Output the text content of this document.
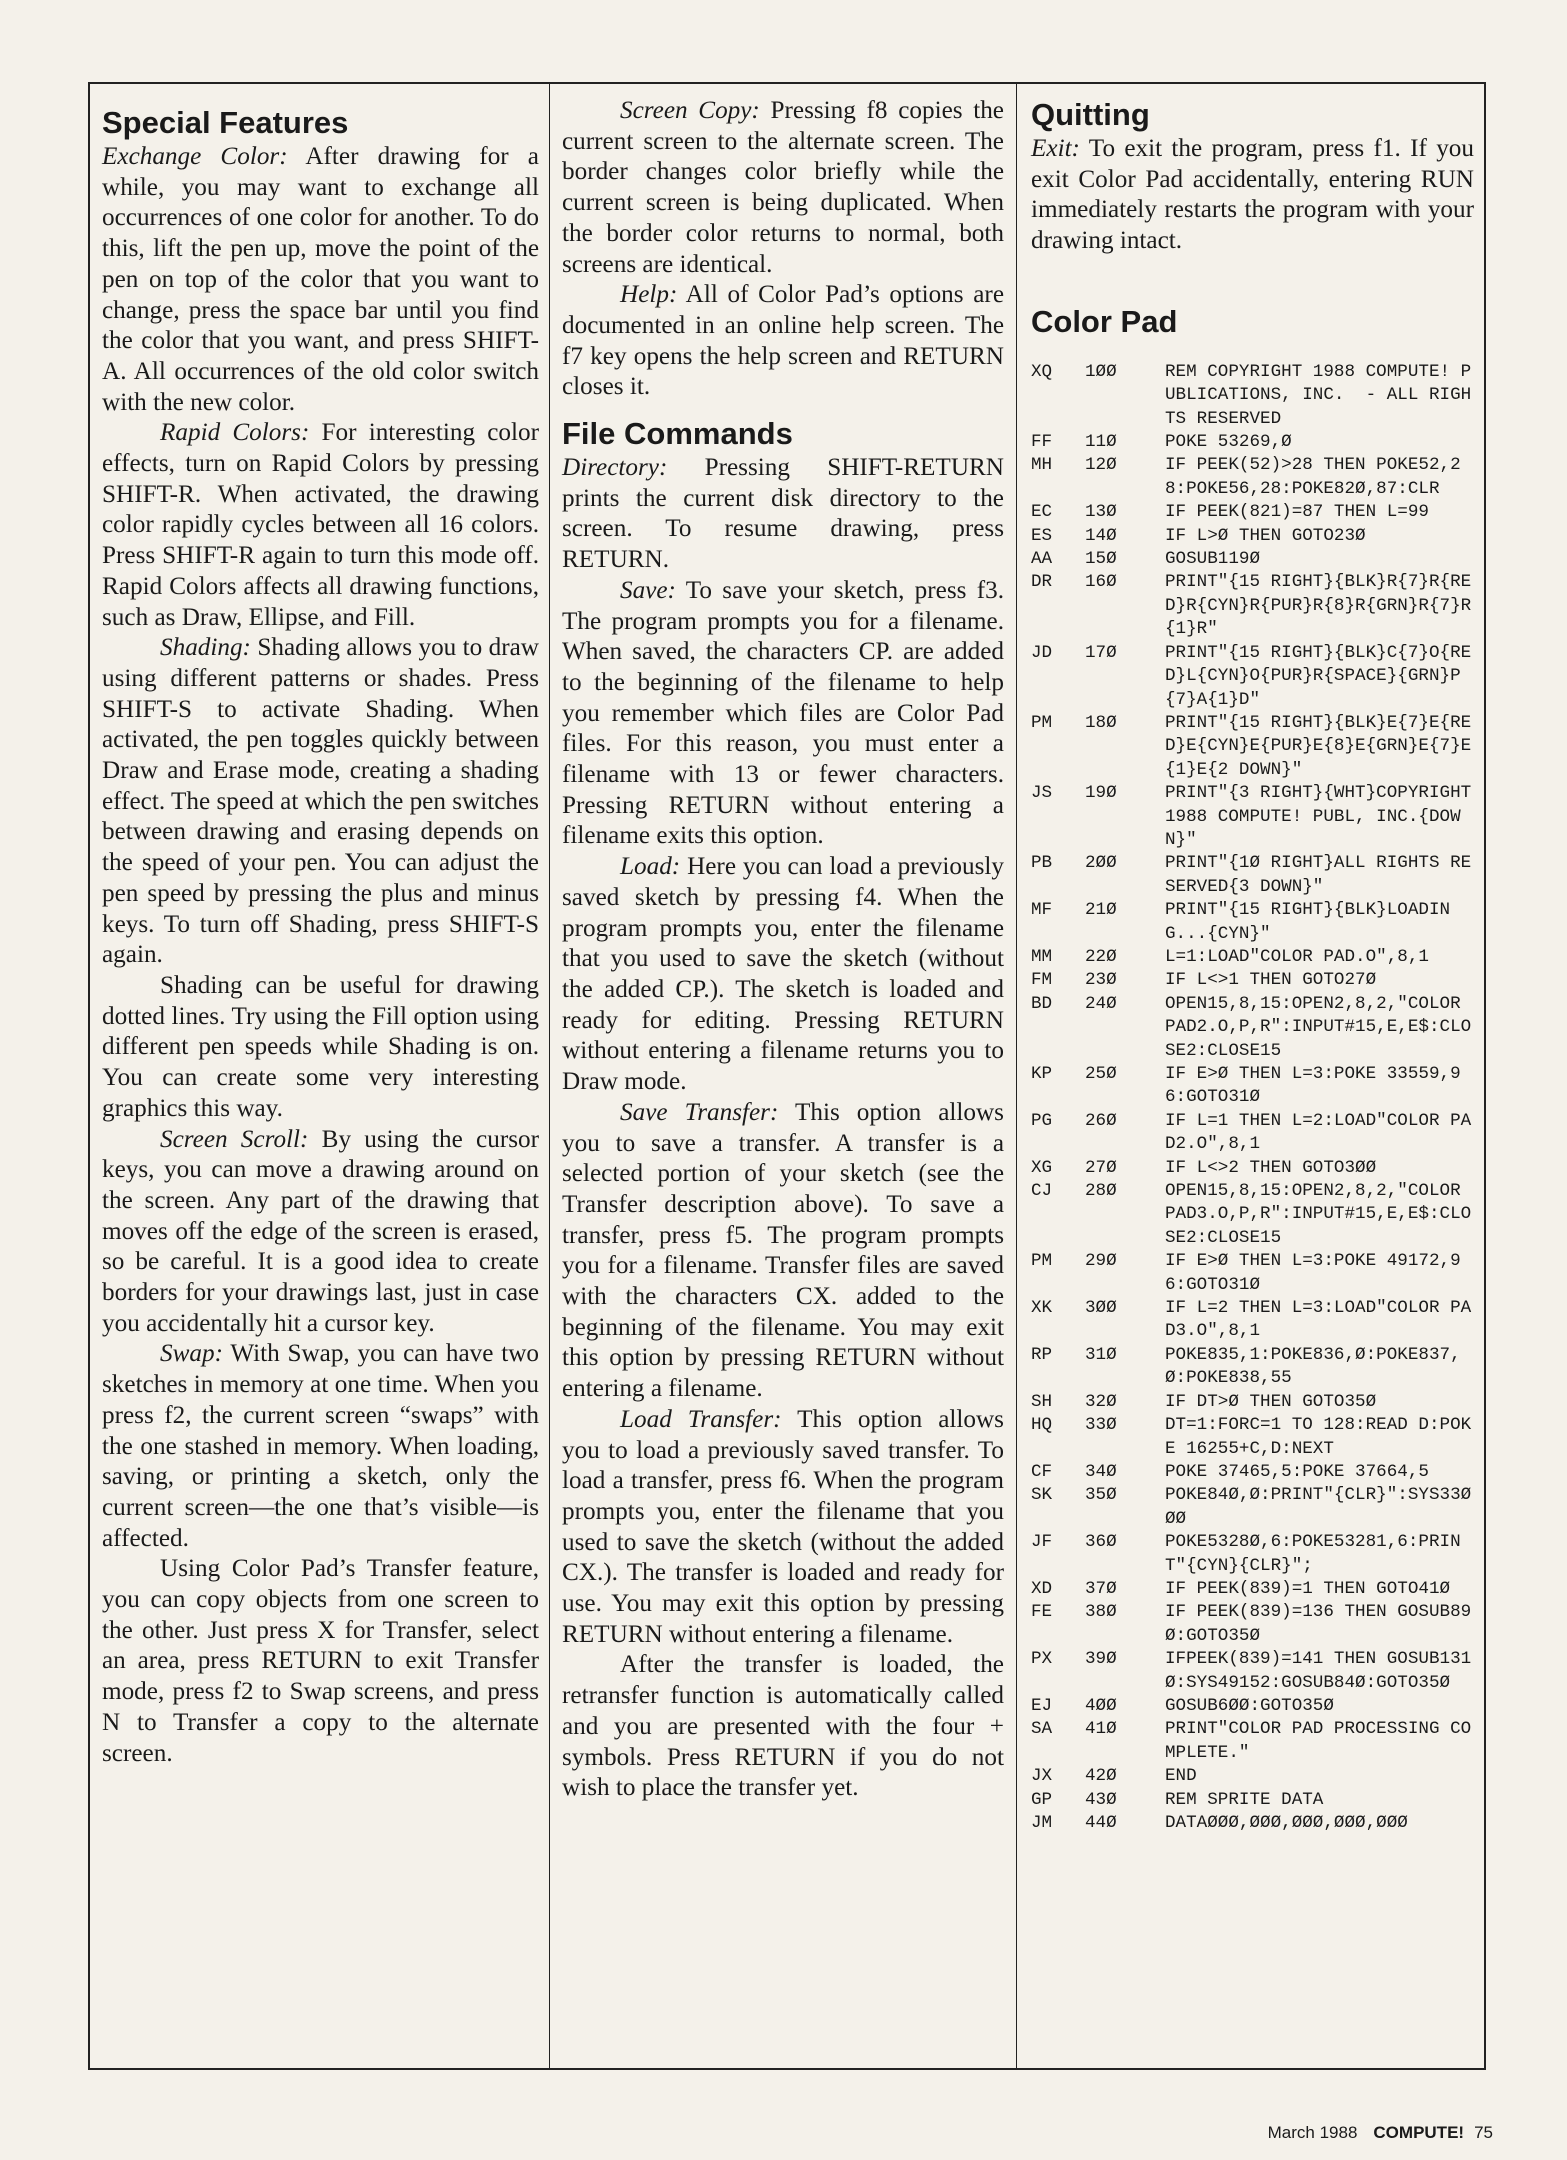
Special Features

Exchange Color: After drawing for a while, you may want to exchange all occurrences of one color for another. To do this, lift the pen up, move the point of the pen on top of the color that you want to change, press the space bar until you find the color that you want, and press SHIFT-A. All occurrences of the old color switch with the new color.

Rapid Colors: For interesting color effects, turn on Rapid Colors by pressing SHIFT-R. When activated, the drawing color rapidly cycles between all 16 colors. Press SHIFT-R again to turn this mode off. Rapid Colors affects all drawing functions, such as Draw, Ellipse, and Fill.

Shading: Shading allows you to draw using different patterns or shades. Press SHIFT-S to activate Shading. When activated, the pen toggles quickly between Draw and Erase mode, creating a shading effect. The speed at which the pen switches between drawing and erasing depends on the speed of your pen. You can adjust the pen speed by pressing the plus and minus keys. To turn off Shading, press SHIFT-S again.

Shading can be useful for drawing dotted lines. Try using the Fill option using different pen speeds while Shading is on. You can create some very interesting graphics this way.

Screen Scroll: By using the cursor keys, you can move a drawing around on the screen. Any part of the drawing that moves off the edge of the screen is erased, so be careful. It is a good idea to create borders for your drawings last, just in case you accidentally hit a cursor key.

Swap: With Swap, you can have two sketches in memory at one time. When you press f2, the current screen “swaps” with the one stashed in memory. When loading, saving, or printing a sketch, only the current screen—the one that’s visible—is affected.

Using Color Pad’s Transfer feature, you can copy objects from one screen to the other. Just press X for Transfer, select an area, press RETURN to exit Transfer mode, press f2 to Swap screens, and press N to Transfer a copy to the alternate screen.

Screen Copy: Pressing f8 copies the current screen to the alternate screen. The border changes color briefly while the current screen is being duplicated. When the border color returns to normal, both screens are identical.

Help: All of Color Pad’s options are documented in an online help screen. The f7 key opens the help screen and RETURN closes it.

File Commands

Directory: Pressing SHIFT-RETURN prints the current disk directory to the screen. To resume drawing, press RETURN.

Save: To save your sketch, press f3. The program prompts you for a filename. When saved, the characters CP. are added to the beginning of the filename to help you remember which files are Color Pad files. For this reason, you must enter a filename with 13 or fewer characters. Pressing RETURN without entering a filename exits this option.

Load: Here you can load a previously saved sketch by pressing f4. When the program prompts you, enter the filename that you used to save the sketch (without the added CP.). The sketch is loaded and ready for editing. Pressing RETURN without entering a filename returns you to Draw mode.

Save Transfer: This option allows you to save a transfer. A transfer is a selected portion of your sketch (see the Transfer description above). To save a transfer, press f5. The program prompts you for a filename. Transfer files are saved with the characters CX. added to the beginning of the filename. You may exit this option by pressing RETURN without entering a filename.

Load Transfer: This option allows you to load a previously saved transfer. To load a transfer, press f6. When the program prompts you, enter the filename that you used to save the sketch (without the added CX.). The transfer is loaded and ready for use. You may exit this option by pressing RETURN without entering a filename.

After the transfer is loaded, the retransfer function is automatically called and you are presented with the four + symbols. Press RETURN if you do not wish to place the transfer yet.

Quitting

Exit: To exit the program, press f1. If you exit Color Pad accidentally, entering RUN immediately restarts the program with your drawing intact.

Color Pad
XQ	1ØØ	REM COPYRIGHT 1988 COMPUTE! PUBLICATIONS, INC.  - ALL RIGHTS RESERVED
FF	11Ø	POKE 53269,Ø
MH	12Ø	IF PEEK(52)>28 THEN POKE52,28:POKE56,28:POKE82Ø,87:CLR
EC	13Ø	IF PEEK(821)=87 THEN L=99
ES	14Ø	IF L>Ø THEN GOTO23Ø
AA	15Ø	GOSUB119Ø
DR	16Ø	PRINT"{15 RIGHT}{BLK}R{7}R{RED}R{CYN}R{PUR}R{8}R{GRN}R{7}R{1}R"
JD	17Ø	PRINT"{15 RIGHT}{BLK}C{7}O{RED}L{CYN}O{PUR}R{SPACE}{GRN}P{7}A{1}D"
PM	18Ø	PRINT"{15 RIGHT}{BLK}E{7}E{RED}E{CYN}E{PUR}E{8}E{GRN}E{7}E{1}E{2 DOWN}"
JS	19Ø	PRINT"{3 RIGHT}{WHT}COPYRIGHT 1988 COMPUTE! PUBL, INC.{DOWN}"
PB	2ØØ	PRINT"{1Ø RIGHT}ALL RIGHTS RESERVED{3 DOWN}"
MF	21Ø	PRINT"{15 RIGHT}{BLK}LOADING...{CYN}"
MM	22Ø	L=1:LOAD"COLOR PAD.O",8,1
FM	23Ø	IF L<>1 THEN GOTO27Ø
BD	24Ø	OPEN15,8,15:OPEN2,8,2,"COLOR PAD2.O,P,R":INPUT#15,E,E$:CLOSE2:CLOSE15
KP	25Ø	IF E>Ø THEN L=3:POKE 33559,96:GOTO31Ø
PG	26Ø	IF L=1 THEN L=2:LOAD"COLOR PAD2.O",8,1
XG	27Ø	IF L<>2 THEN GOTO3ØØ
CJ	28Ø	OPEN15,8,15:OPEN2,8,2,"COLOR PAD3.O,P,R":INPUT#15,E,E$:CLOSE2:CLOSE15
PM	29Ø	IF E>Ø THEN L=3:POKE 49172,96:GOTO31Ø
XK	3ØØ	IF L=2 THEN L=3:LOAD"COLOR PAD3.O",8,1
RP	31Ø	POKE835,1:POKE836,Ø:POKE837,Ø:POKE838,55
SH	32Ø	IF DT>Ø THEN GOTO35Ø
HQ	33Ø	DT=1:FORC=1 TO 128:READ D:POKE 16255+C,D:NEXT
CF	34Ø	POKE 37465,5:POKE 37664,5
SK	35Ø	POKE84Ø,Ø:PRINT"{CLR}":SYS33ØØØ
JF	36Ø	POKE5328Ø,6:POKE53281,6:PRINT"{CYN}{CLR}";
XD	37Ø	IF PEEK(839)=1 THEN GOTO41Ø
FE	38Ø	IF PEEK(839)=136 THEN GOSUB89Ø:GOTO35Ø
PX	39Ø	IFPEEK(839)=141 THEN GOSUB131Ø:SYS49152:GOSUB84Ø:GOTO35Ø
EJ	4ØØ	GOSUB6ØØ:GOTO35Ø
SA	41Ø	PRINT"COLOR PAD PROCESSING COMPLETE."
JX	42Ø	END
GP	43Ø	REM SPRITE DATA
JM	44Ø	DATAØØØ,ØØØ,ØØØ,ØØØ,ØØØ
March 1988 COMPUTE! 75
